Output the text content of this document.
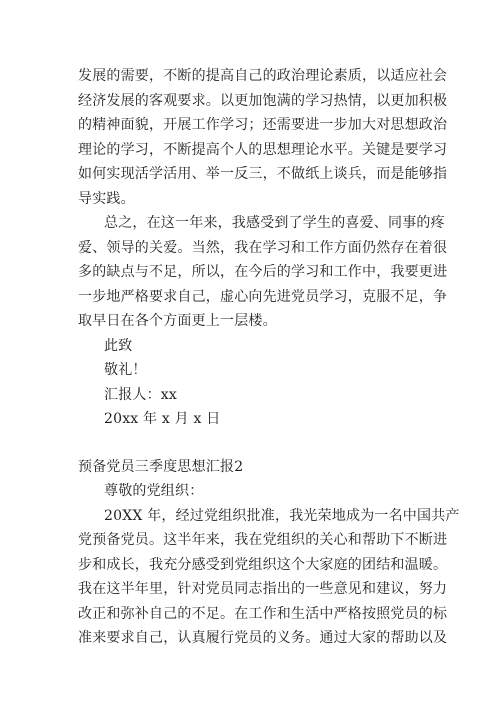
发展的需要，不断的提高自己的政治理论素质，以适应社会
经济发展的客观要求。以更加饱满的学习热情，以更加积极
的精神面貌，开展工作学习；还需要进一步加大对思想政治
理论的学习，不断提高个人的思想理论水平。关键是要学习
如何实现活学活用、举一反三，不做纸上谈兵，而是能够指
导实践。
总之，在这一年来，我感受到了学生的喜爱、同事的疼
爱、领导的关爱。当然，我在学习和工作方面仍然存在着很
多的缺点与不足，所以，在今后的学习和工作中，我要更进
一步地严格要求自己，虚心向先进党员学习，克服不足，争
取早日在各个方面更上一层楼。
此致
敬礼！
汇报人：xx
20xx 年 x 月 x 日
预备党员三季度思想汇报2
尊敬的党组织：
20XX 年，经过党组织批准，我光荣地成为一名中国共产
党预备党员。这半年来，我在党组织的关心和帮助下不断进
步和成长，我充分感受到党组织这个大家庭的团结和温暖。
我在这半年里，针对党员同志指出的一些意见和建议，努力
改正和弥补自己的不足。在工作和生活中严格按照党员的标
准来要求自己，认真履行党员的义务。通过大家的帮助以及
